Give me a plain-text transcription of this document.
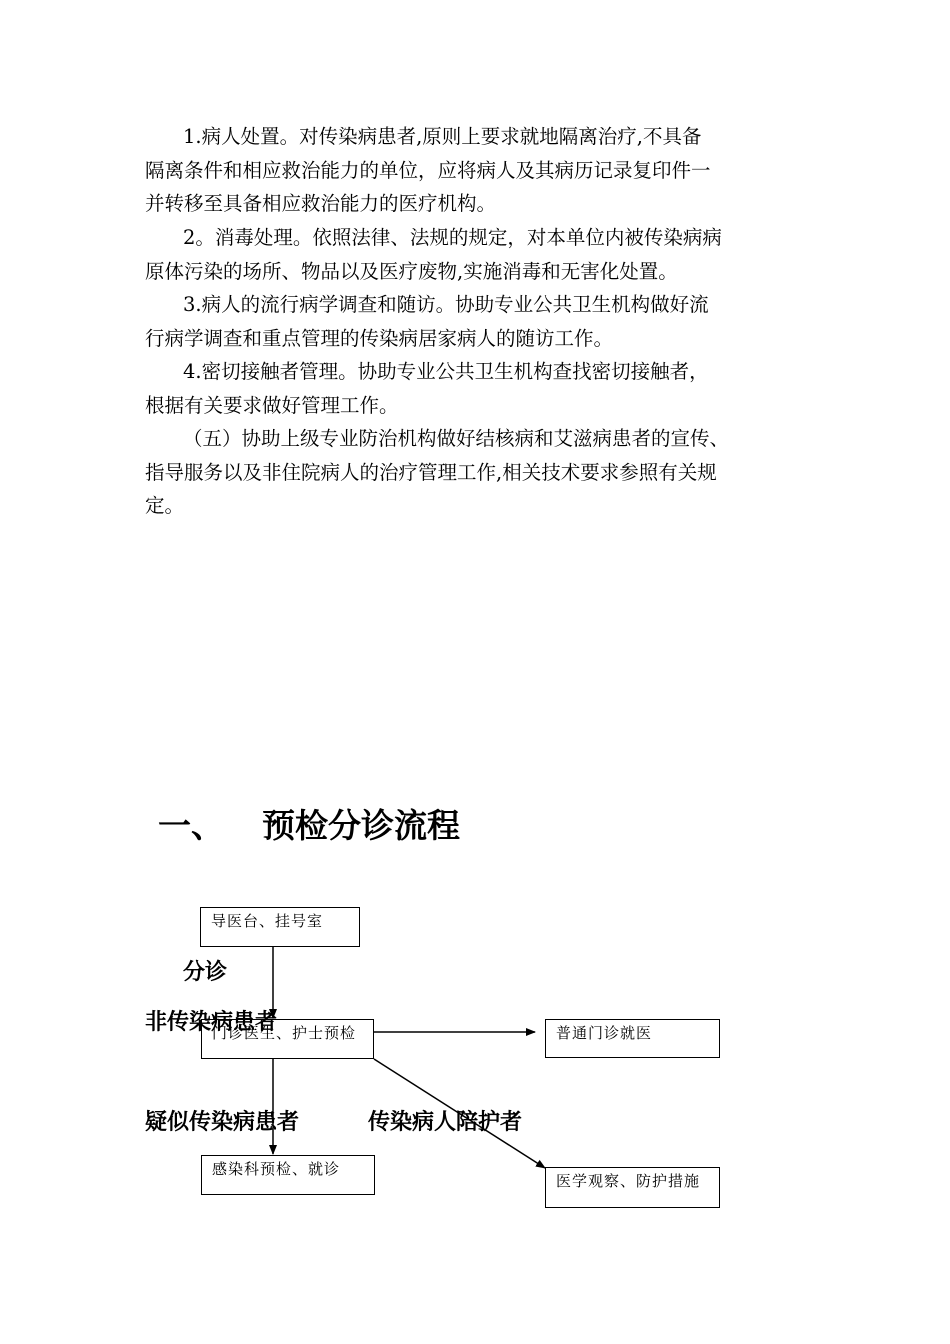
1.病人处置。对传染病患者,原则上要求就地隔离治疗,不具备
隔离条件和相应救治能力的单位，应将病人及其病历记录复印件一
并转移至具备相应救治能力的医疗机构。
2。消毒处理。依照法律、法规的规定，对本单位内被传染病病
原体污染的场所、物品以及医疗废物,实施消毒和无害化处置。
3.病人的流行病学调查和随访。协助专业公共卫生机构做好流
行病学调查和重点管理的传染病居家病人的随访工作。
4.密切接触者管理。协助专业公共卫生机构查找密切接触者，
根据有关要求做好管理工作。
（五）协助上级专业防治机构做好结核病和艾滋病患者的宣传、
指导服务以及非住院病人的治疗管理工作,相关技术要求参照有关规
定。
一、 预检分诊流程
导医台、挂号室
门诊医生、护士预检	普通门诊就医
感染科预检、就诊
医学观察、防护措施
分诊
非传染病患者
疑似传染病患者	传染病人陪护者
